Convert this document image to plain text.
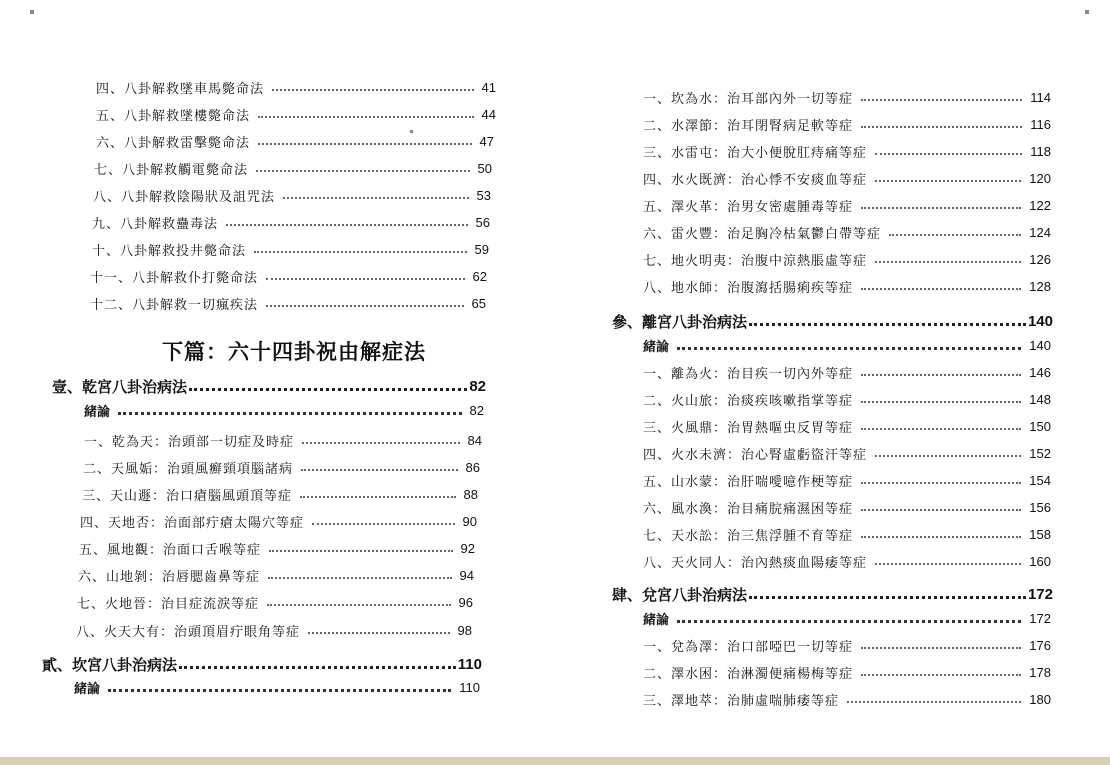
四、八卦解救墜車馬斃命法	41
五、八卦解救墜樓斃命法	44
六、八卦解救雷擊斃命法	47
七、八卦解救觸電斃命法	50
八、八卦解救陰陽狀及詛咒法	53
九、八卦解救蠱毒法	56
十、八卦解救投井斃命法	59
十一、八卦解救仆打斃命法	62
十二、八卦解救一切瘋疾法	65
下篇：六十四卦祝由解症法
壹、乾宮八卦治病法	82
緒論	82
一、乾為天：治頭部一切症及時症	84
二、天風姤：治頭風癬頸項腦諸病	86
三、天山遯：治口瘡腦風頭頂等症	88
四、天地否：治面部疔瘡太陽穴等症	90
五、風地觀：治面口舌喉等症	92
六、山地剝：治唇腮齒鼻等症	94
七、火地晉：治目症流淚等症	96
八、火天大有：治頭頂眉疔眼角等症	98
貳、坎宮八卦治病法	110
緒論	110
一、坎為水：治耳部內外一切等症	114
二、水澤節：治耳閉腎病足軟等症	116
三、水雷屯：治大小便脫肛痔痛等症	118
四、水火既濟：治心悸不安痰血等症	120
五、澤火革：治男女密處腫毒等症	122
六、雷火豐：治足胸冷枯氣鬱白帶等症	124
七、地火明夷：治腹中涼熱脹虛等症	126
八、地水師：治腹瀉括腸痢疾等症	128
參、離宮八卦治病法	140
緒論	140
一、離為火：治目疾一切內外等症	146
二、火山旅：治痰疾咳嗽指掌等症	148
三、火風鼎：治胃熱嘔虫反胃等症	150
四、火水未濟：治心腎虛虧盜汗等症	152
五、山水蒙：治肝喘噯噫作梗等症	154
六、風水渙：治目痛脘痛濕困等症	156
七、天水訟：治三焦浮腫不育等症	158
八、天火同人：治內熱痰血陽痿等症	160
肆、兌宮八卦治病法	172
緒論	172
一、兌為澤：治口部啞巴一切等症	176
二、澤水困：治淋濁便痛楊梅等症	178
三、澤地萃：治肺虛喘肺痿等症	180
